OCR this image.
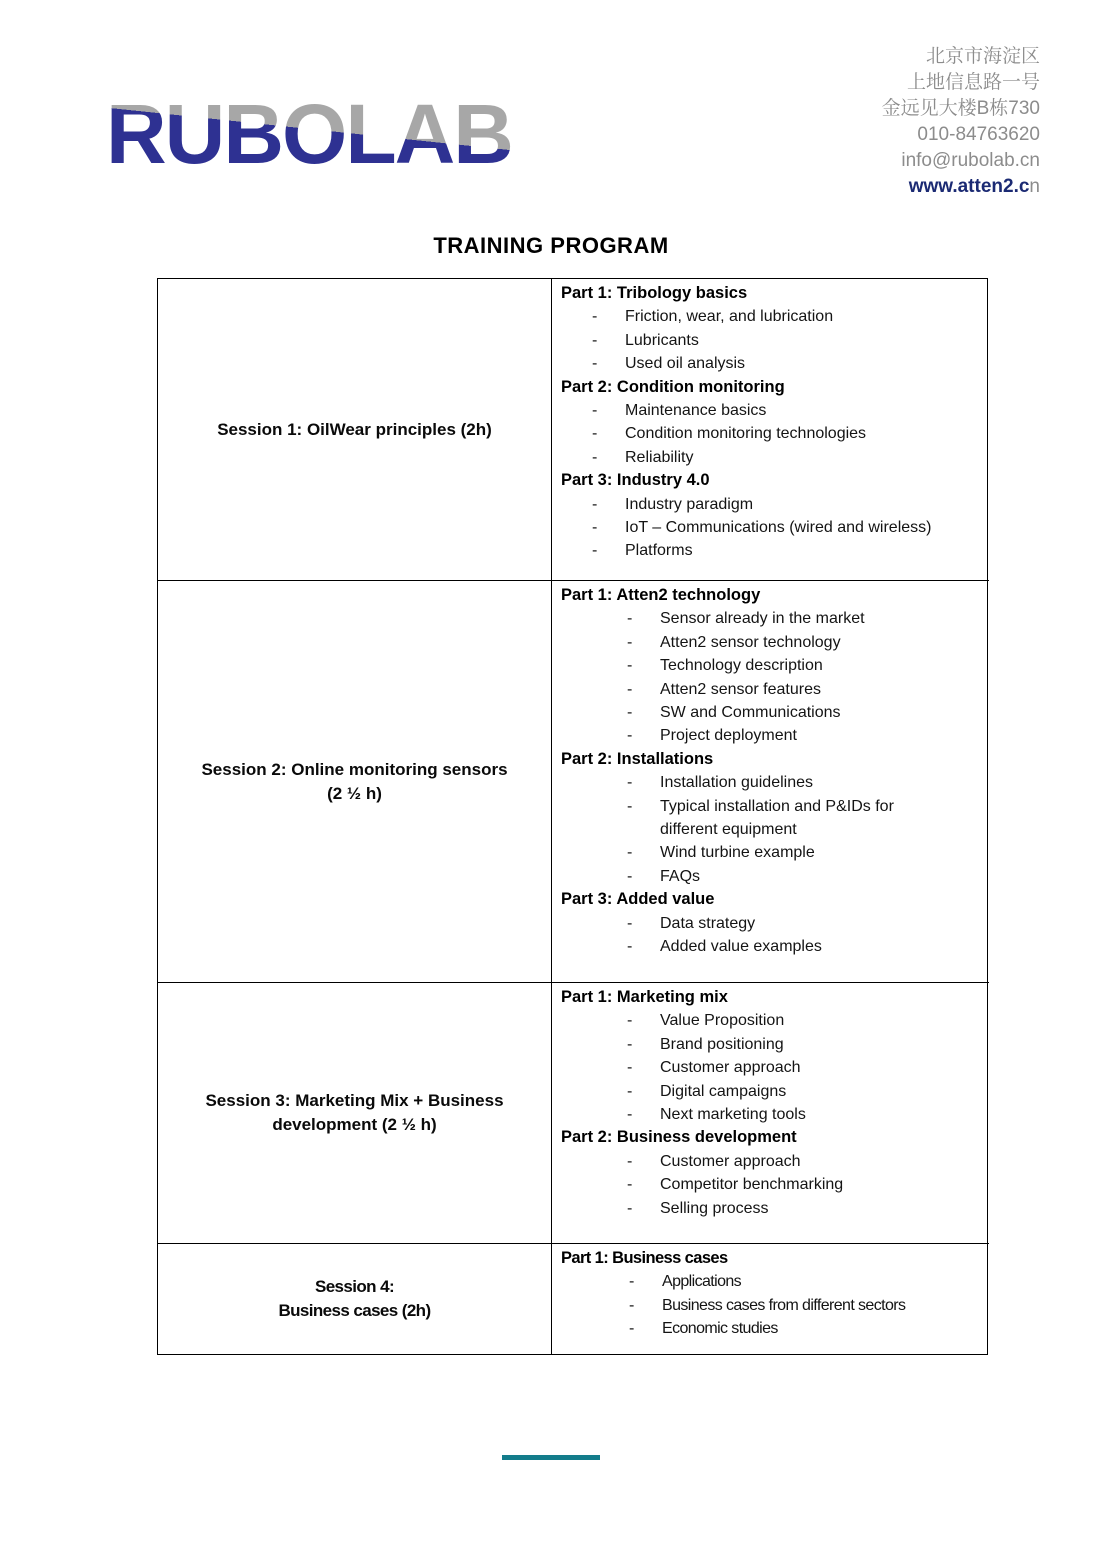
RUBOLAB
北京市海淀区
上地信息路一号
金远见大楼B栋730
010-84763620
info@rubolab.cn
www.atten2.cn
TRAINING PROGRAM
Session 1: OilWear principles (2h)
Part 1: Tribology basics
-	Friction, wear, and lubrication
-	Lubricants
-	Used oil analysis
Part 2: Condition monitoring
-	Maintenance basics
-	Condition monitoring technologies
-	Reliability
Part 3: Industry 4.0
-	Industry paradigm
-	IoT – Communications (wired and wireless)
-	Platforms
Session 2: Online monitoring sensors
(2 ½ h)
Part 1: Atten2 technology
-	Sensor already in the market
-	Atten2 sensor technology
-	Technology description
-	Atten2 sensor features
-	SW and Communications
-	Project deployment
Part 2: Installations
-	Installation guidelines
-	Typical installation and P&IDs for different equipment
-	Wind turbine example
-	FAQs
Part 3: Added value
-	Data strategy
-	Added value examples
Session 3: Marketing Mix + Business
development (2 ½ h)
Part 1: Marketing mix
-	Value Proposition
-	Brand positioning
-	Customer approach
-	Digital campaigns
-	Next marketing tools
Part 2: Business development
-	Customer approach
-	Competitor benchmarking
-	Selling process
Session 4:
Business cases (2h)
Part 1: Business cases
-	Applications
-	Business cases from different sectors
-	Economic studies
